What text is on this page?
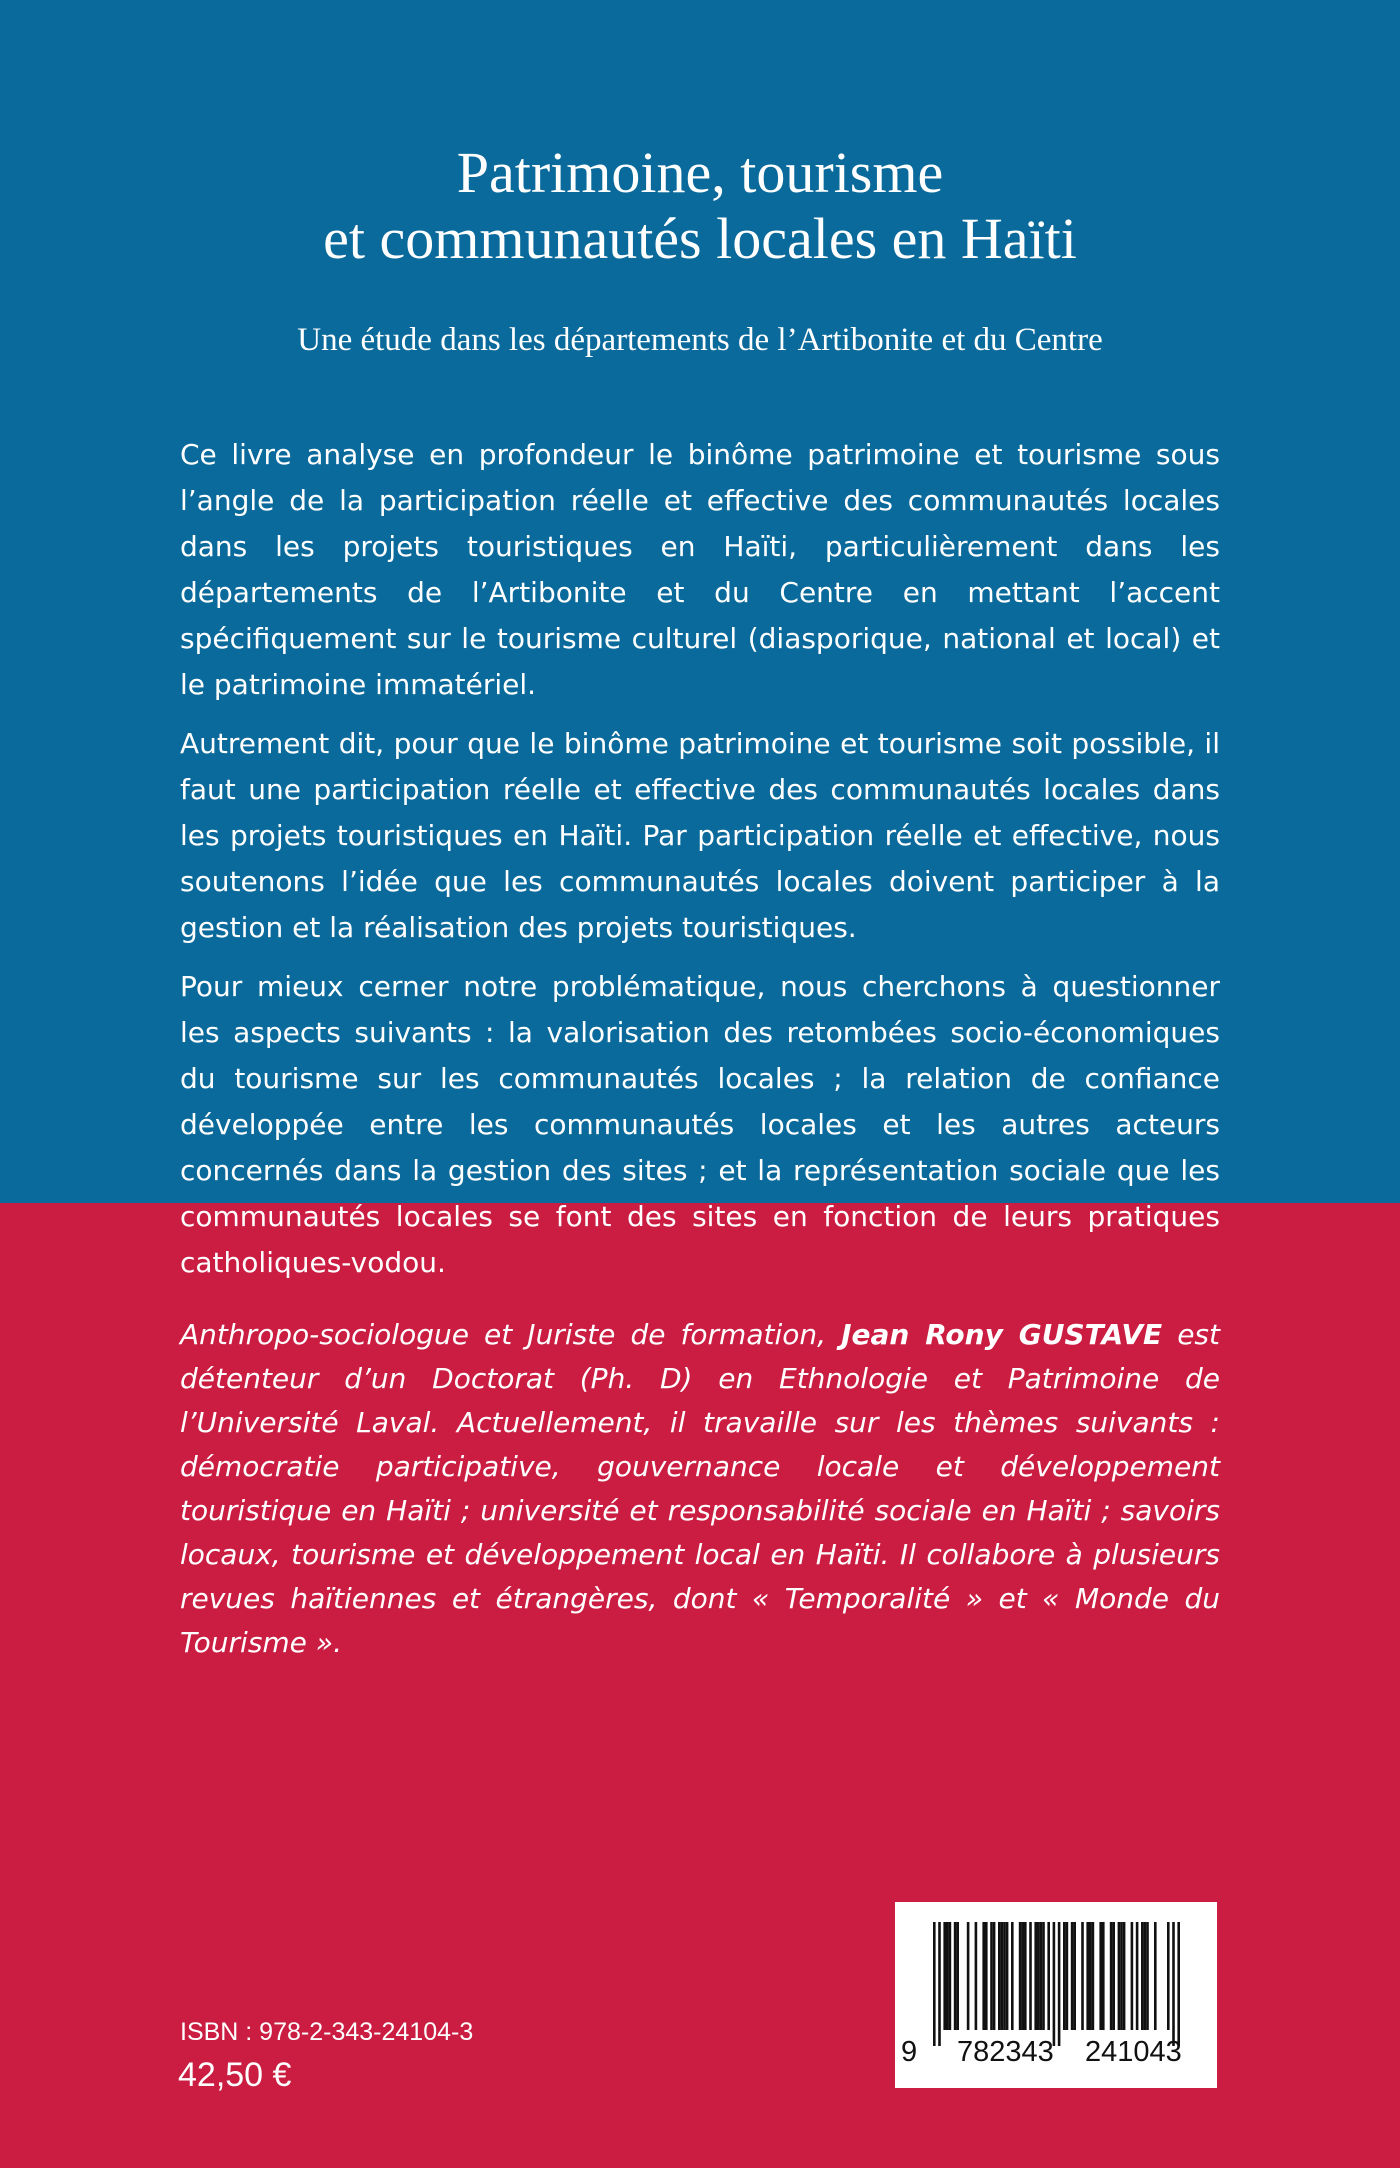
Patrimoine, tourisme
et communautés locales en Haïti
Une étude dans les départements de l’Artibonite et du Centre

Ce livre analyse en profondeur le binôme patrimoine et tourisme sous l’angle de la participation réelle et effective des communautés locales dans les projets touristiques en Haïti, particulièrement dans les départements de l’Artibonite et du Centre en mettant l’accent spécifiquement sur le tourisme culturel (diasporique, national et local) et le patrimoine immatériel.

Autrement dit, pour que le binôme patrimoine et tourisme soit possible, il faut une participation réelle et effective des communautés locales dans les projets touristiques en Haïti. Par participation réelle et effective, nous soutenons l’idée que les communautés locales doivent participer à la gestion et la réalisation des projets touristiques.

Pour mieux cerner notre problématique, nous cherchons à questionner les aspects suivants : la valorisation des retombées socio-économiques du tourisme sur les communautés locales ; la relation de confiance développée entre les communautés locales et les autres acteurs concernés dans la gestion des sites ; et la représentation sociale que les communautés locales se font des sites en fonction de leurs pratiques catholiques-vodou.

Anthropo-sociologue et Juriste de formation, Jean Rony GUSTAVE est détenteur d’un Doctorat (Ph. D) en Ethnologie et Patrimoine de l’Université Laval. Actuellement, il travaille sur les thèmes suivants : démocratie participative, gouvernance locale et développement touristique en Haïti ; université et responsabilité sociale en Haïti ; savoirs locaux, tourisme et développement local en Haïti. Il collabore à plusieurs revues haïtiennes et étrangères, dont « Temporalité » et « Monde du Tourisme ».

ISBN : 978-2-343-24104-3
42,50 €
9 782343 241043
